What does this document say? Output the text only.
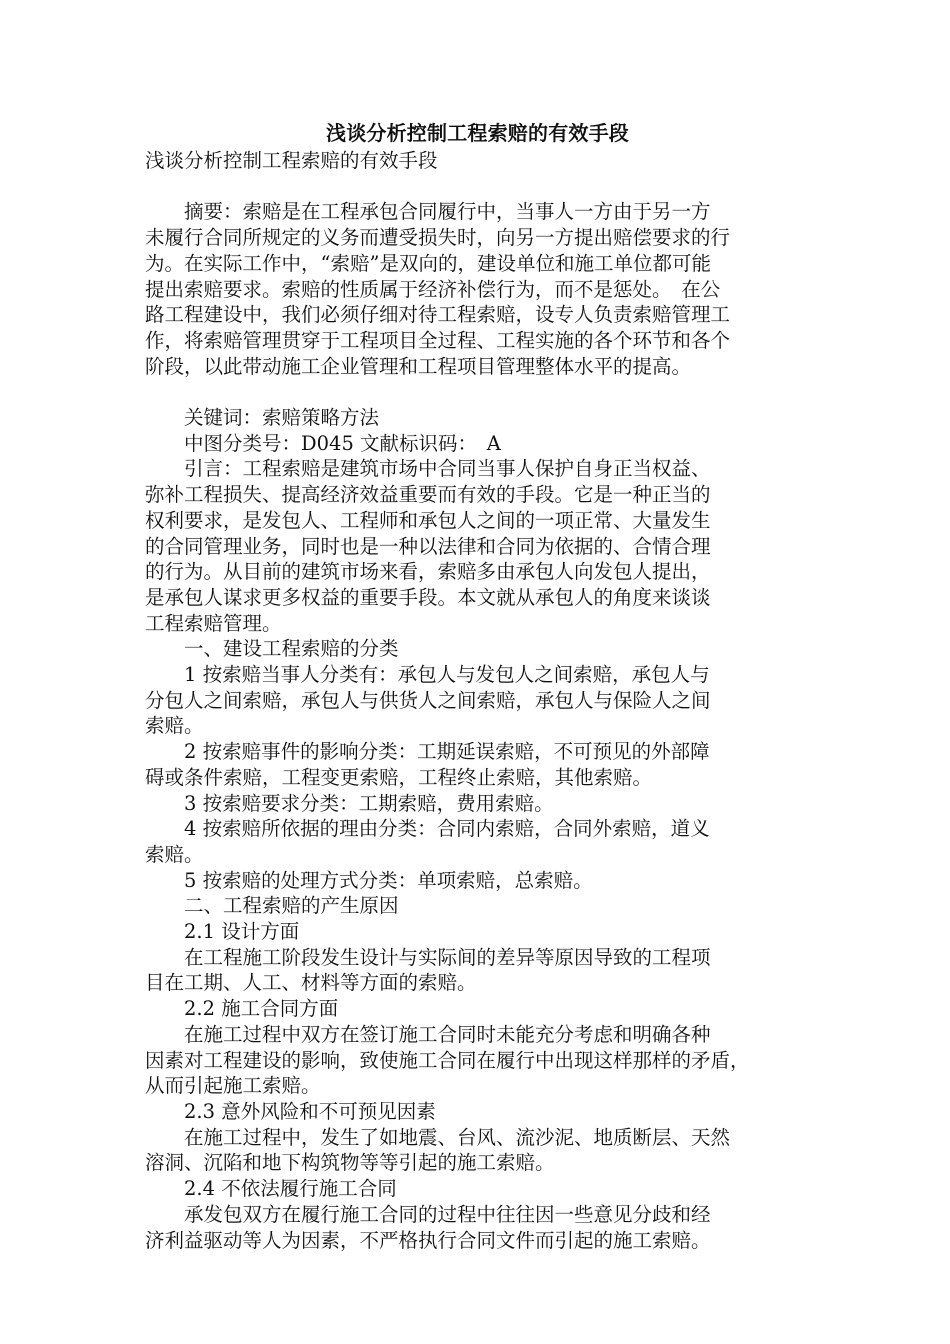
浅谈分析控制工程索赔的有效手段

浅谈分析控制工程索赔的有效手段

　　摘要：索赔是在工程承包合同履行中，当事人一方由于另一方

未履行合同所规定的义务而遭受损失时，向另一方提出赔偿要求的行

为。在实际工作中，“索赔”是双向的，建设单位和施工单位都可能

提出索赔要求。索赔的性质属于经济补偿行为，而不是惩处。　在公

路工程建设中，我们必须仔细对待工程索赔，设专人负责索赔管理工

作，将索赔管理贯穿于工程项目全过程、工程实施的各个环节和各个

阶段，以此带动施工企业管理和工程项目管理整体水平的提高。

　　关键词：索赔策略方法

　　中图分类号：D045 文献标识码：　A

　　引言：工程索赔是建筑市场中合同当事人保护自身正当权益、

弥补工程损失、提高经济效益重要而有效的手段。它是一种正当的

权利要求，是发包人、工程师和承包人之间的一项正常、大量发生

的合同管理业务，同时也是一种以法律和合同为依据的、合情合理

的行为。从目前的建筑市场来看，索赔多由承包人向发包人提出，

是承包人谋求更多权益的重要手段。本文就从承包人的角度来谈谈

工程索赔管理。

　　一、建设工程索赔的分类

　　1 按索赔当事人分类有：承包人与发包人之间索赔，承包人与

分包人之间索赔，承包人与供货人之间索赔，承包人与保险人之间

索赔。

　　2 按索赔事件的影响分类：工期延误索赔，不可预见的外部障

碍或条件索赔，工程变更索赔，工程终止索赔，其他索赔。

　　3 按索赔要求分类：工期索赔，费用索赔。

　　4 按索赔所依据的理由分类：合同内索赔，合同外索赔，道义

索赔。

　　5 按索赔的处理方式分类：单项索赔，总索赔。

　　二、工程索赔的产生原因

　　2.1 设计方面

　　在工程施工阶段发生设计与实际间的差异等原因导致的工程项

目在工期、人工、材料等方面的索赔。

　　2.2 施工合同方面

　　在施工过程中双方在签订施工合同时未能充分考虑和明确各种

因素对工程建设的影响，致使施工合同在履行中出现这样那样的矛盾，

从而引起施工索赔。

　　2.3 意外风险和不可预见因素

　　在施工过程中，发生了如地震、台风、流沙泥、地质断层、天然

溶洞、沉陷和地下构筑物等等引起的施工索赔。

　　2.4 不依法履行施工合同

　　承发包双方在履行施工合同的过程中往往因一些意见分歧和经

济利益驱动等人为因素，不严格执行合同文件而引起的施工索赔。
